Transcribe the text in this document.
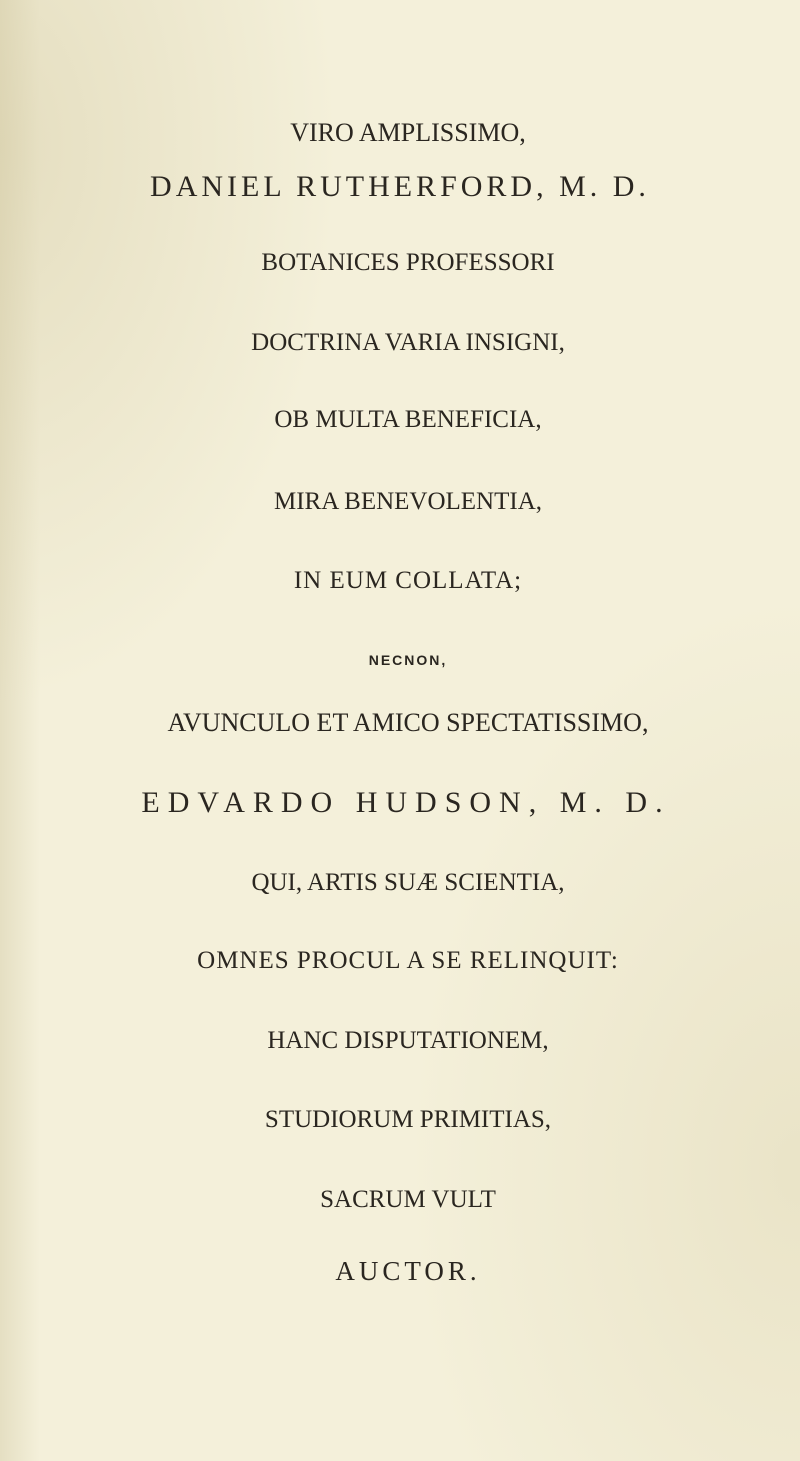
VIRO AMPLISSIMO,
DANIEL RUTHERFORD, M. D.
BOTANICES PROFESSORI
DOCTRINA VARIA INSIGNI,
OB MULTA BENEFICIA,
MIRA BENEVOLENTIA,
IN EUM COLLATA;
NECNON,
AVUNCULO ET AMICO SPECTATISSIMO,
EDVARDO HUDSON, M. D.
QUI, ARTIS SUÆ SCIENTIA,
OMNES PROCUL A SE RELINQUIT:
HANC DISPUTATIONEM,
STUDIORUM PRIMITIAS,
SACRUM VULT
AUCTOR.
